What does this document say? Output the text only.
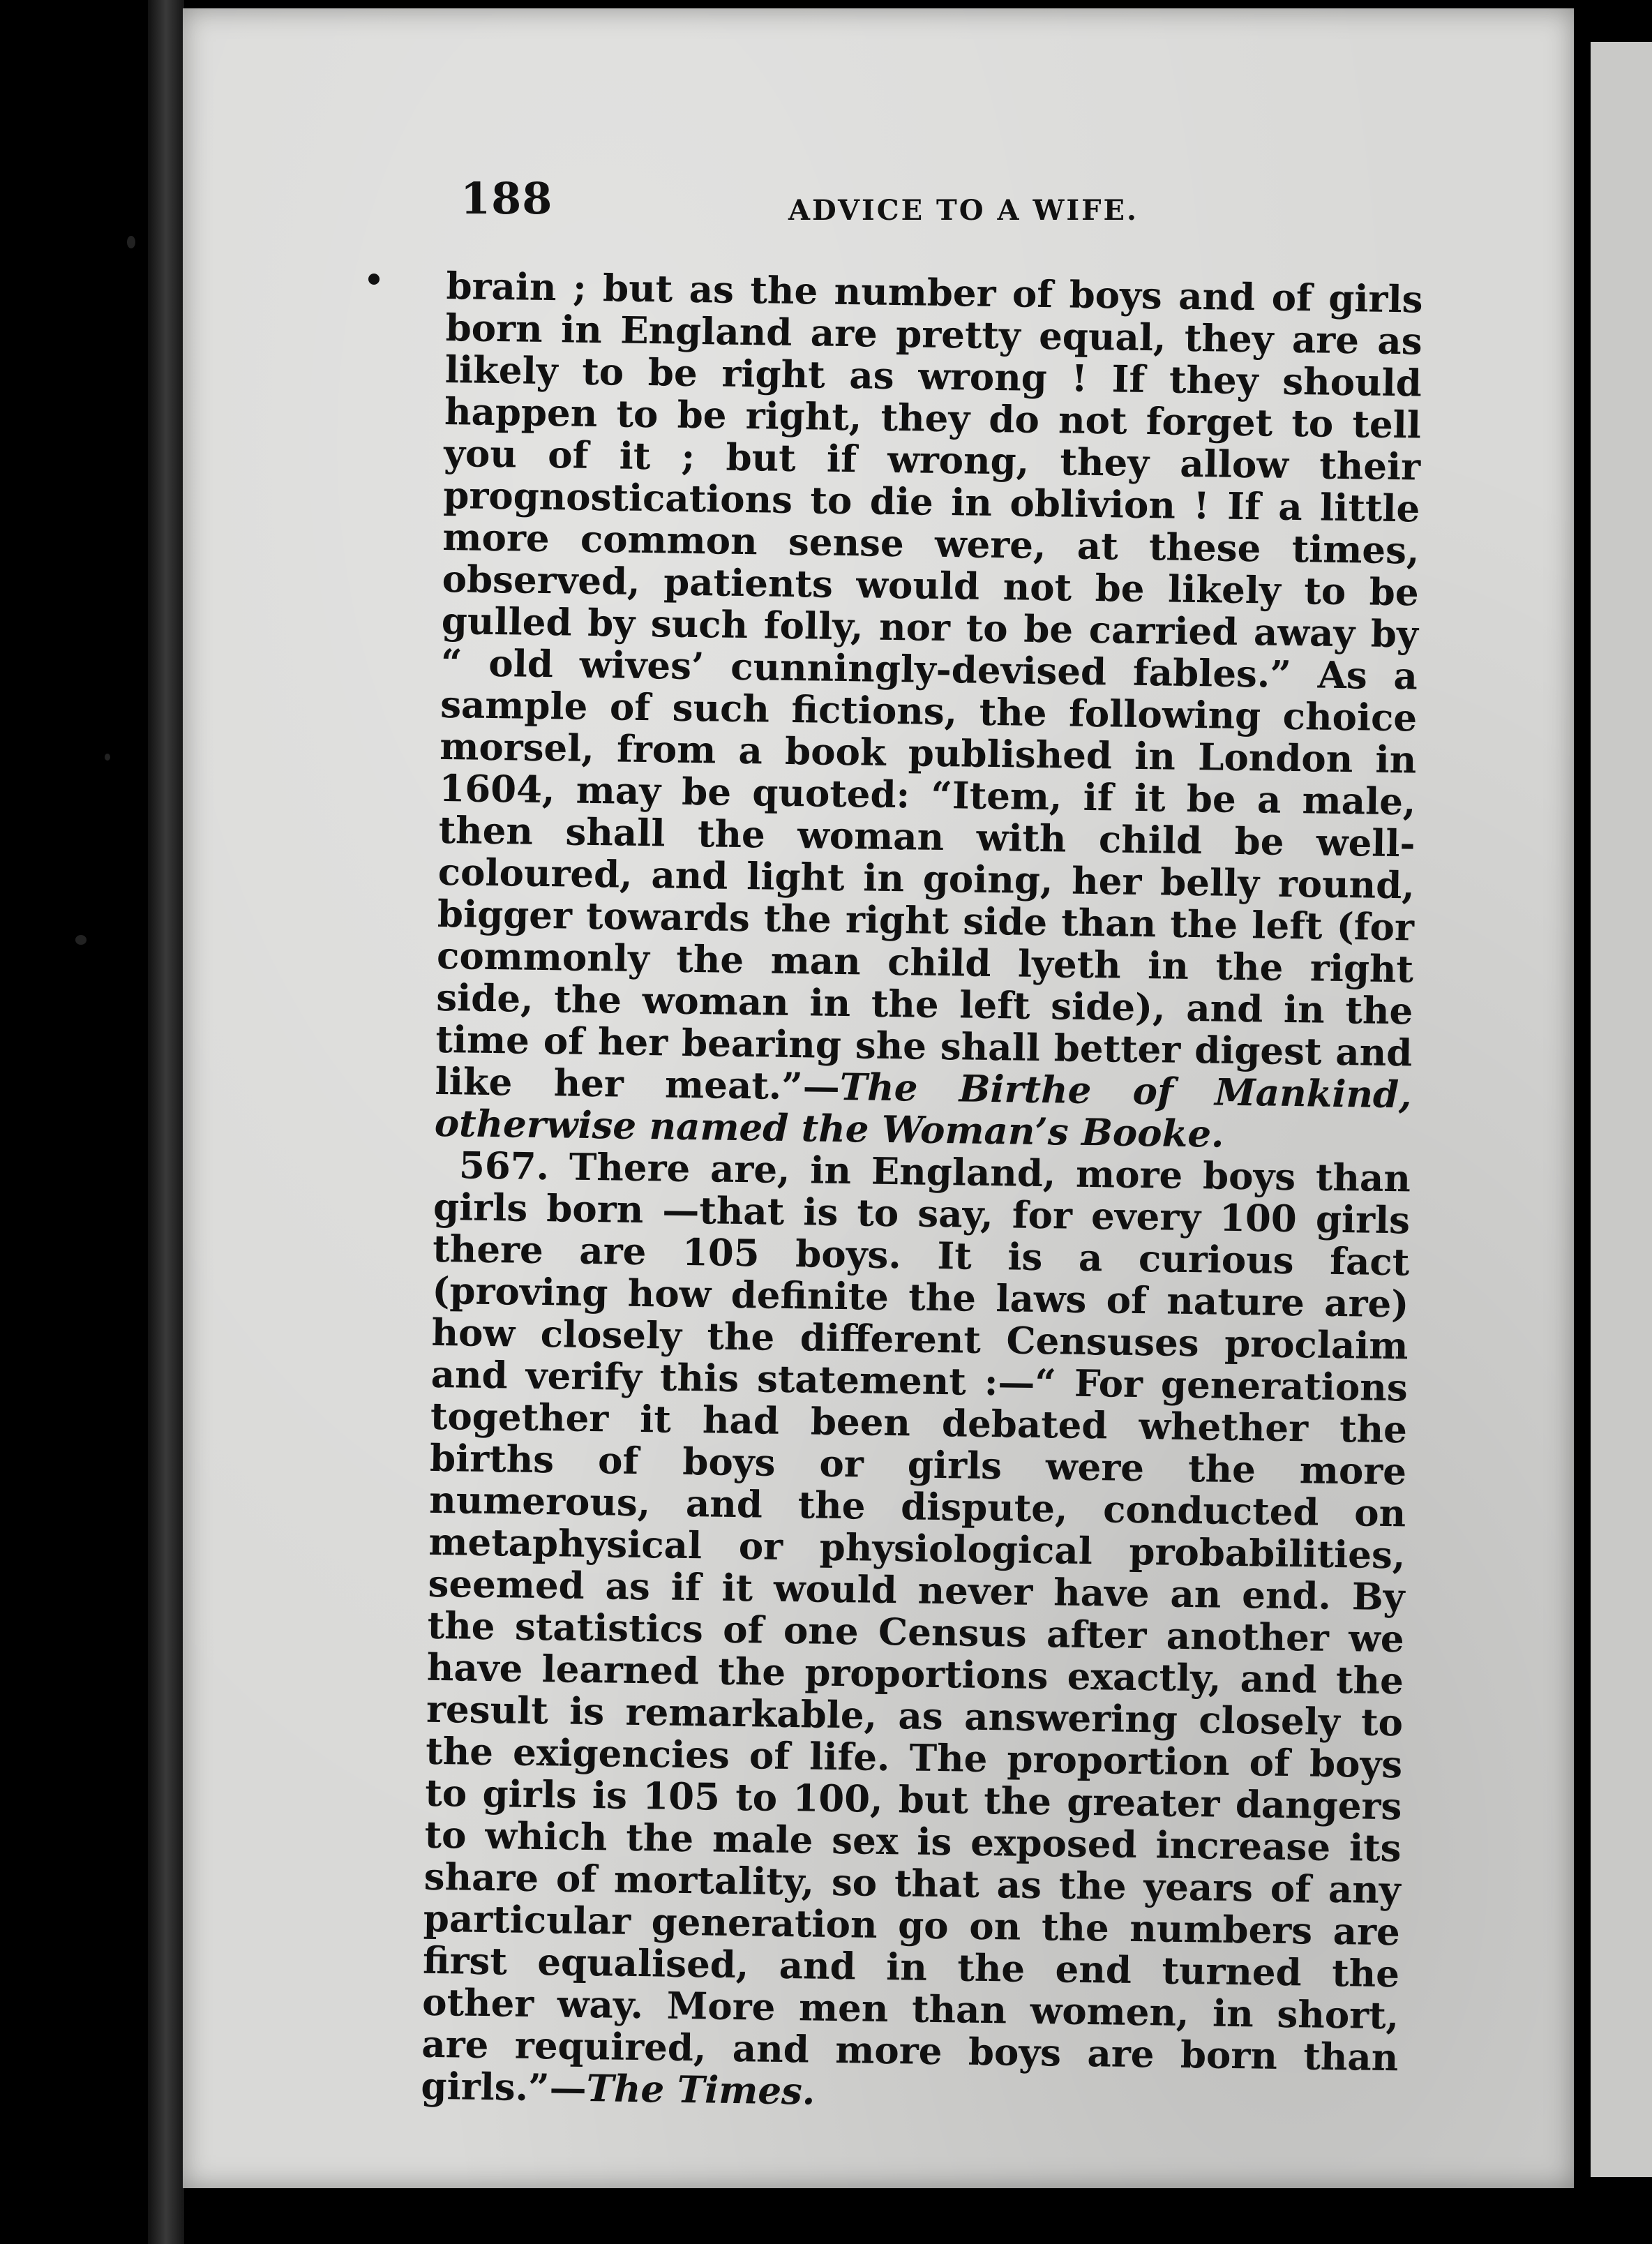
188	ADVICE TO A WIFE.

brain ; but as the number of boys and of girls born in England are pretty equal, they are as likely to be right as wrong ! If they should happen to be right, they do not forget to tell you of it ; but if wrong, they allow their prognostications to die in oblivion ! If a little more common sense were, at these times, observed, patients would not be likely to be gulled by such folly, nor to be carried away by “ old wives’ cunningly-devised fables.” As a sample of such fictions, the following choice morsel, from a book published in London in 1604, may be quoted: “Item, if it be a male, then shall the woman with child be well-coloured, and light in going, her belly round, bigger towards the right side than the left (for commonly the man child lyeth in the right side, the woman in the left side), and in the time of her bearing she shall better digest and like her meat.”—The Birthe of Mankind, otherwise named the Woman’s Booke.

567. There are, in England, more boys than girls born —that is to say, for every 100 girls there are 105 boys. It is a curious fact (proving how definite the laws of nature are) how closely the different Censuses proclaim and verify this statement :—“ For generations together it had been debated whether the births of boys or girls were the more numerous, and the dispute, conducted on metaphysical or physiological probabilities, seemed as if it would never have an end. By the statistics of one Census after another we have learned the proportions exactly, and the result is remarkable, as answering closely to the exigencies of life. The proportion of boys to girls is 105 to 100, but the greater dangers to which the male sex is exposed increase its share of mortality, so that as the years of any particular generation go on the numbers are first equalised, and in the end turned the other way. More men than women, in short, are required, and more boys are born than girls.”—The Times.
